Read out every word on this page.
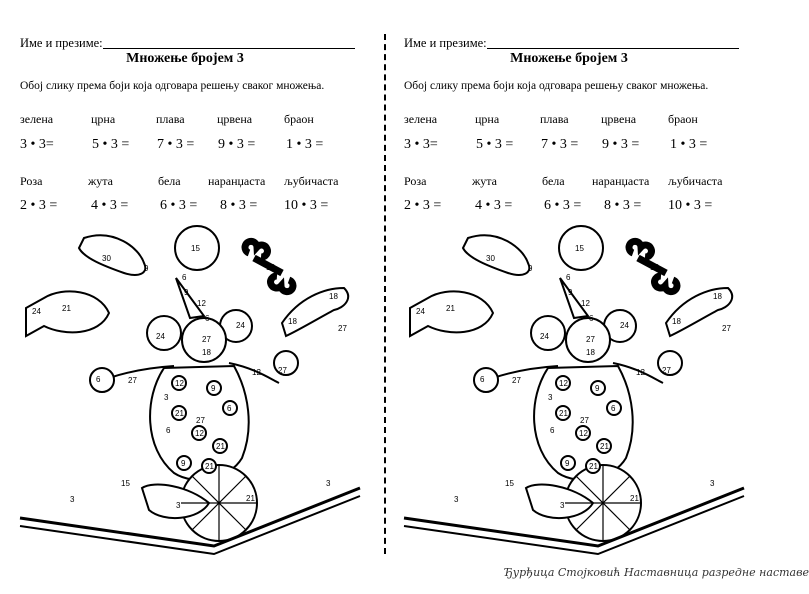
Име и презиме:
Множење бројем 3
Обој слику према боји која одговара решењу сваког множења.
зелена	црна	плава	црвена	браон
3 • 3=	5 • 3 = 7 • 3 = 9 • 3 = 1 • 3 =
Роза	жута	бела наранџаста љубичаста
2 • 3 = 4 • 3 = 6 • 3 = 8 • 3 = 10 • 3 =
30
9
15
12
24	21
18
18
27
6
9
12
6
27
18
24
24
6
27
27
12
12
9
6
21
3
27
12
21
9
6
21
3
15
21
3
3
Име и презиме:
Множење бројем 3
Обој слику према боји која одговара решењу сваког множења.
зелена	црна	плава	црвена	браон
3 • 3=	5 • 3 = 7 • 3 = 9 • 3 = 1 • 3 =
Роза	жута	бела наранџаста љубичаста
2 • 3 = 4 • 3 = 6 • 3 = 8 • 3 = 10 • 3 =
30
9
15
12
24	21
18
18
27
6
9
12
6
27
18
24
24
6
27
27
12
12
9
6
21
3
27
12
21
9
6
21
3
15
21
3
3
Ђурђица Стојковић Наставница разредне наставе
